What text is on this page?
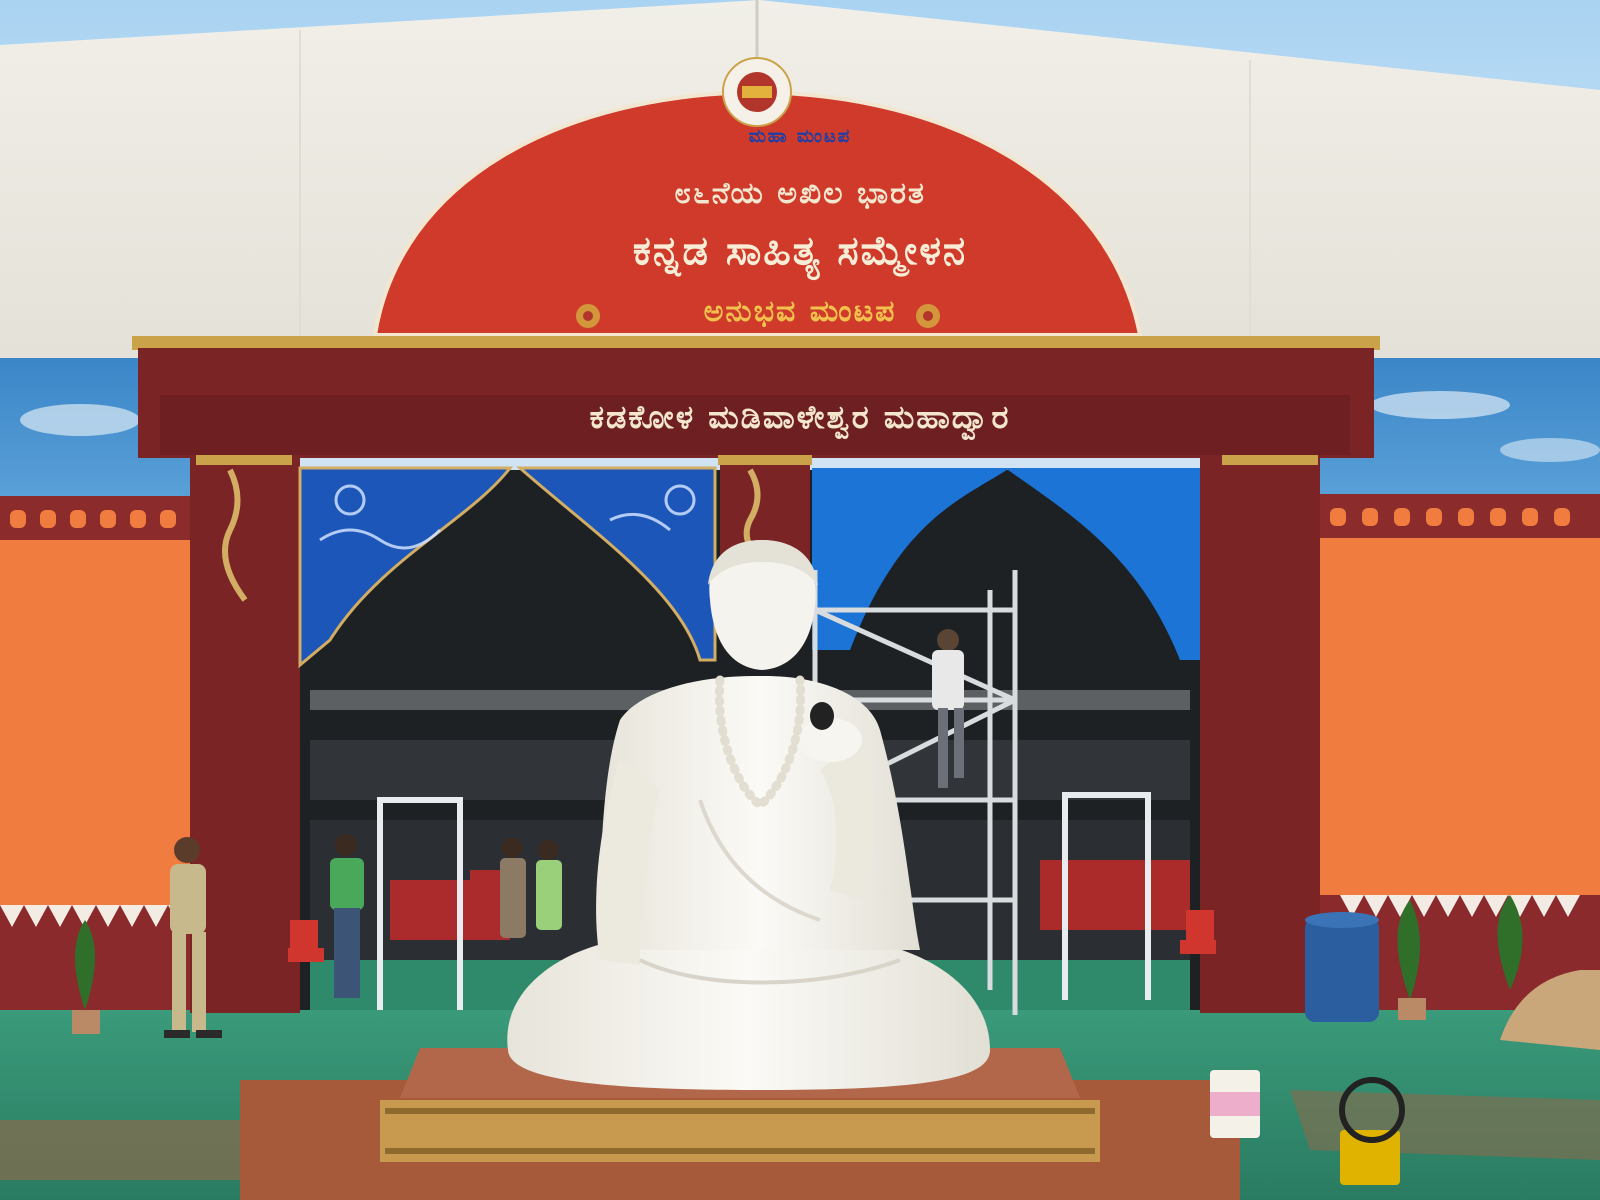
ಮಹಾ ಮಂಟಪ
೮೬ನೆಯ ಅಖಿಲ ಭಾರತ
ಕನ್ನಡ ಸಾಹಿತ್ಯ ಸಮ್ಮೇಳನ
ಅನುಭವ ಮಂಟಪ
ಕಡಕೋಳ ಮಡಿವಾಳೇಶ್ವರ ಮಹಾದ್ವಾರ
